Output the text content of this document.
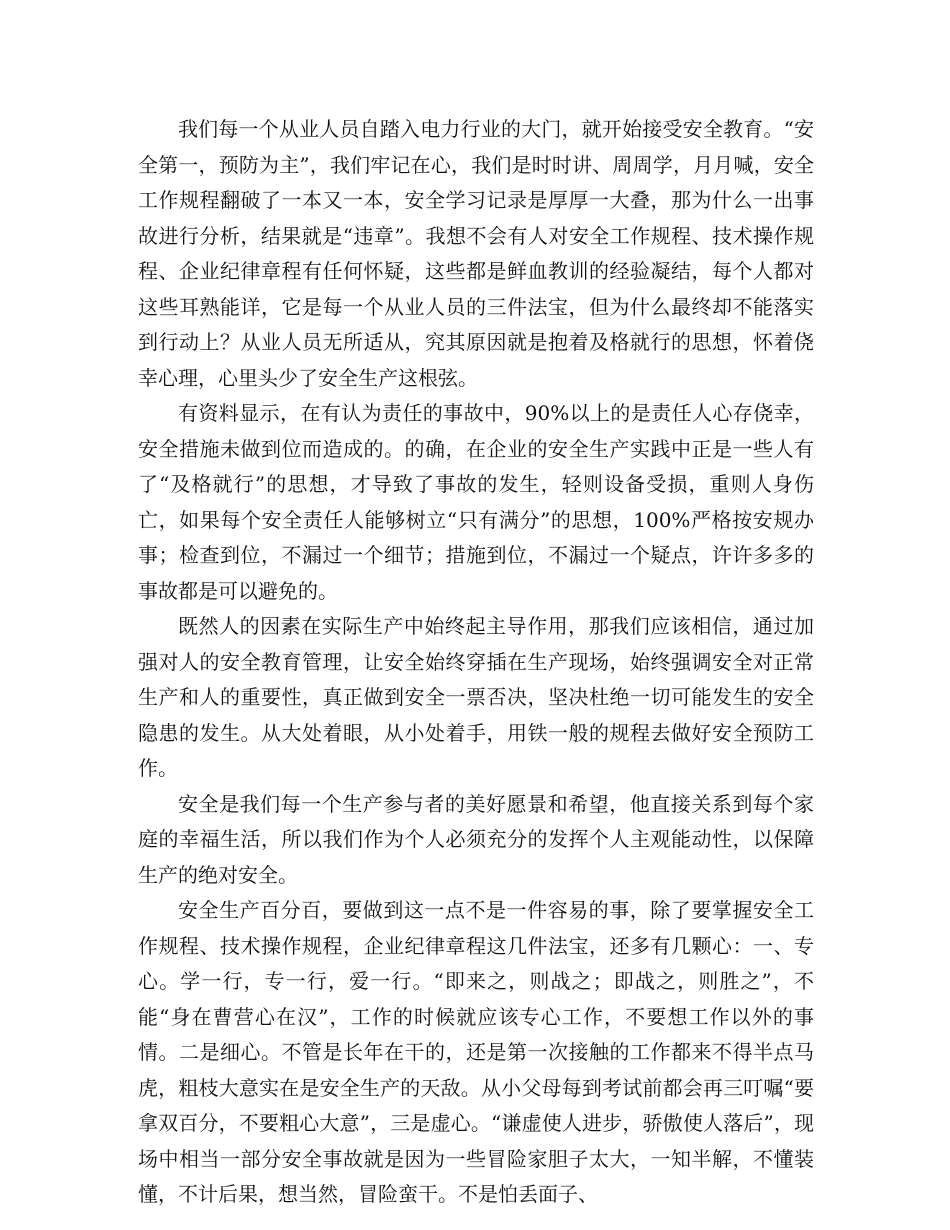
我们每一个从业人员自踏入电力行业的大门，就开始接受安全教育。“安全第一，预防为主”，我们牢记在心，我们是时时讲、周周学，月月喊，安全工作规程翻破了一本又一本，安全学习记录是厚厚一大叠，那为什么一出事故进行分析，结果就是“违章”。我想不会有人对安全工作规程、技术操作规程、企业纪律章程有任何怀疑，这些都是鲜血教训的经验凝结，每个人都对这些耳熟能详，它是每一个从业人员的三件法宝，但为什么最终却不能落实到行动上？从业人员无所适从，究其原因就是抱着及格就行的思想，怀着侥幸心理，心里头少了安全生产这根弦。

有资料显示，在有认为责任的事故中，90%以上的是责任人心存侥幸，安全措施未做到位而造成的。的确，在企业的安全生产实践中正是一些人有了“及格就行”的思想，才导致了事故的发生，轻则设备受损，重则人身伤亡，如果每个安全责任人能够树立“只有满分”的思想，100%严格按安规办事；检查到位，不漏过一个细节；措施到位，不漏过一个疑点，许许多多的事故都是可以避免的。

既然人的因素在实际生产中始终起主导作用，那我们应该相信，通过加强对人的安全教育管理，让安全始终穿插在生产现场，始终强调安全对正常生产和人的重要性，真正做到安全一票否决，坚决杜绝一切可能发生的安全隐患的发生。从大处着眼，从小处着手，用铁一般的规程去做好安全预防工作。

安全是我们每一个生产参与者的美好愿景和希望，他直接关系到每个家庭的幸福生活，所以我们作为个人必须充分的发挥个人主观能动性，以保障生产的绝对安全。

安全生产百分百，要做到这一点不是一件容易的事，除了要掌握安全工作规程、技术操作规程，企业纪律章程这几件法宝，还多有几颗心：一、专心。学一行，专一行，爱一行。“即来之，则战之；即战之，则胜之”，不能“身在曹营心在汉”，工作的时候就应该专心工作，不要想工作以外的事情。二是细心。不管是长年在干的，还是第一次接触的工作都来不得半点马虎，粗枝大意实在是安全生产的天敌。从小父母每到考试前都会再三叮嘱“要拿双百分，不要粗心大意”，三是虚心。“谦虚使人进步，骄傲使人落后”，现场中相当一部分安全事故就是因为一些冒险家胆子太大，一知半解，不懂装懂，不计后果，想当然，冒险蛮干。不是怕丢面子、
